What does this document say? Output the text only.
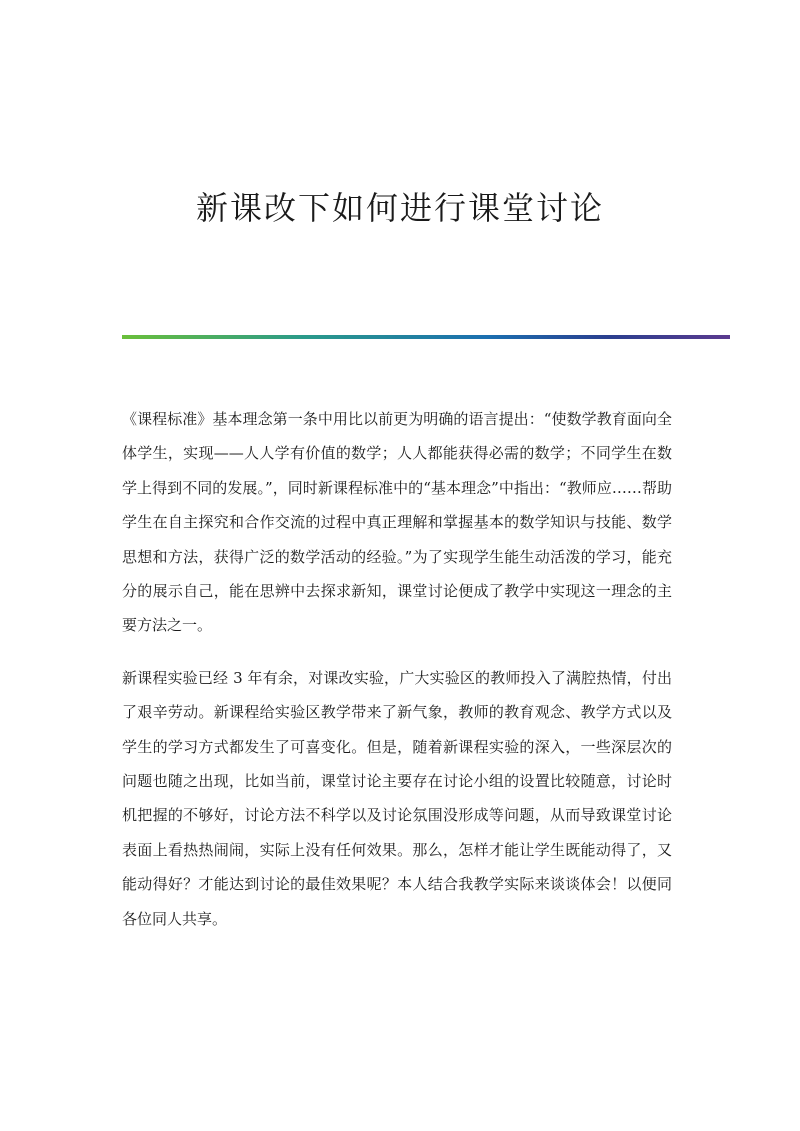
新课改下如何进行课堂讨论

《课程标准》基本理念第一条中用比以前更为明确的语言提出：“使数学教育面向全体学生，实现——人人学有价值的数学；人人都能获得必需的数学；不同学生在数学上得到不同的发展。”，同时新课程标准中的“基本理念”中指出：“教师应……帮助学生在自主探究和合作交流的过程中真正理解和掌握基本的数学知识与技能、数学思想和方法，获得广泛的数学活动的经验。”为了实现学生能生动活泼的学习，能充分的展示自己，能在思辨中去探求新知，课堂讨论便成了教学中实现这一理念的主要方法之一。

新课程实验已经 3 年有余，对课改实验，广大实验区的教师投入了满腔热情，付出了艰辛劳动。新课程给实验区教学带来了新气象，教师的教育观念、教学方式以及学生的学习方式都发生了可喜变化。但是，随着新课程实验的深入，一些深层次的问题也随之出现，比如当前，课堂讨论主要存在讨论小组的设置比较随意，讨论时机把握的不够好，讨论方法不科学以及讨论氛围没形成等问题，从而导致课堂讨论表面上看热热闹闹，实际上没有任何效果。那么，怎样才能让学生既能动得了，又能动得好？才能达到讨论的最佳效果呢？本人结合我教学实际来谈谈体会！以便同各位同人共享。
